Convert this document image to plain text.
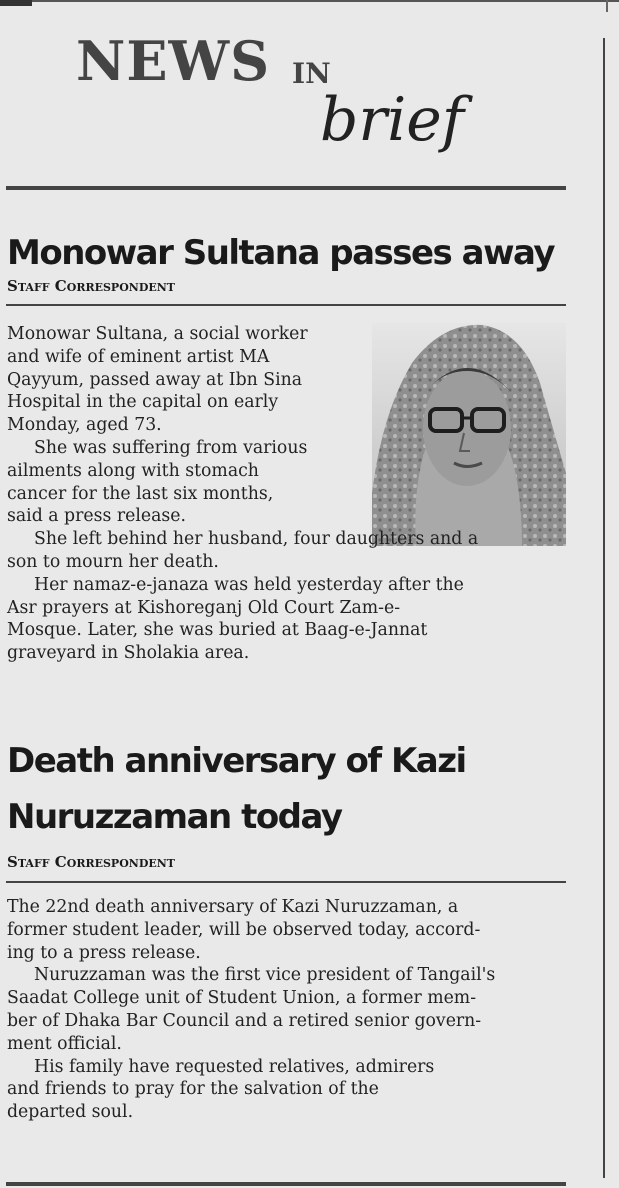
NEWS IN
brief
Monowar Sultana passes away
Staff Correspondent
Monowar Sultana, a social worker
and wife of eminent artist MA
Qayyum, passed away at Ibn Sina
Hospital in the capital on early
Monday, aged 73.
She was suffering from various
ailments along with stomach
cancer for the last six months,
said a press release.
She left behind her husband, four daughters and a
son to mourn her death.
Her namaz-e-janaza was held yesterday after the
Asr prayers at Kishoreganj Old Court Zam-e-
Mosque. Later, she was buried at Baag-e-Jannat
graveyard in Sholakia area.
Death anniversary of Kazi
Nuruzzaman today
Staff Correspondent
The 22nd death anniversary of Kazi Nuruzzaman, a
former student leader, will be observed today, accord-
ing to a press release.
Nuruzzaman was the first vice president of Tangail's
Saadat College unit of Student Union, a former mem-
ber of Dhaka Bar Council and a retired senior govern-
ment official.
His family have requested relatives, admirers
and friends to pray for the salvation of the
departed soul.
